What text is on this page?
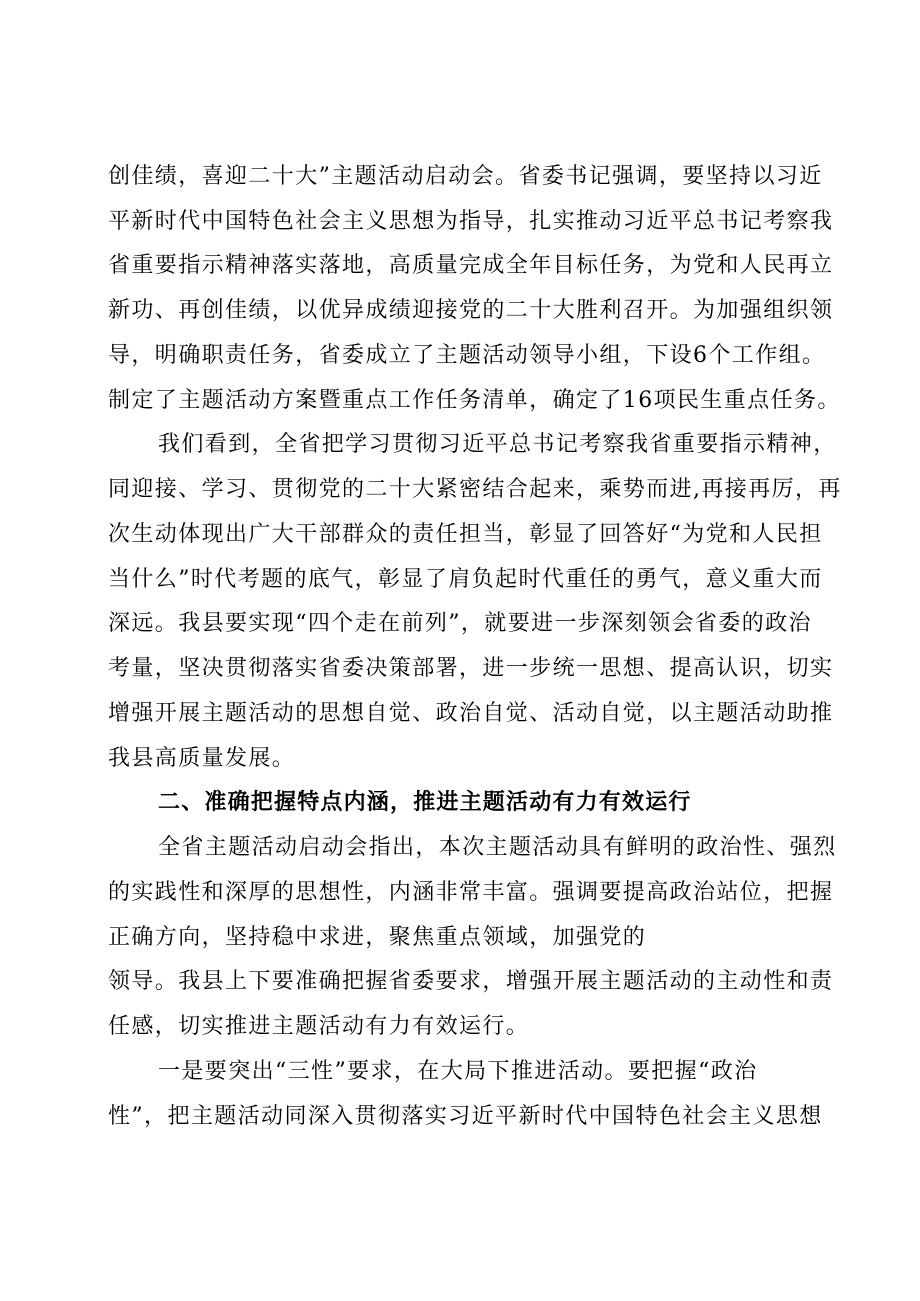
创佳绩，喜迎二十大”主题活动启动会。省委书记强调，要坚持以习近
平新时代中国特色社会主义思想为指导，扎实推动习近平总书记考察我
省重要指示精神落实落地，高质量完成全年目标任务，为党和人民再立
新功、再创佳绩，以优异成绩迎接党的二十大胜利召开。为加强组织领
导，明确职责任务，省委成立了主题活动领导小组，下设6个工作组。
制定了主题活动方案暨重点工作任务清单，确定了16项民生重点任务。
我们看到，全省把学习贯彻习近平总书记考察我省重要指示精神，
同迎接、学习、贯彻党的二十大紧密结合起来，乘势而进,再接再厉，再
次生动体现出广大干部群众的责任担当，彰显了回答好“为党和人民担
当什么”时代考题的底气，彰显了肩负起时代重任的勇气，意义重大而
深远。我县要实现“四个走在前列”，就要进一步深刻领会省委的政治
考量，坚决贯彻落实省委决策部署，进一步统一思想、提高认识，切实
增强开展主题活动的思想自觉、政治自觉、活动自觉，以主题活动助推
我县高质量发展。
二、准确把握特点内涵，推进主题活动有力有效运行
全省主题活动启动会指出，本次主题活动具有鲜明的政治性、强烈
的实践性和深厚的思想性，内涵非常丰富。强调要提高政治站位，把握
正确方向，坚持稳中求进，聚焦重点领域，加强党的
领导。我县上下要准确把握省委要求，增强开展主题活动的主动性和责
任感，切实推进主题活动有力有效运行。
一是要突出“三性”要求，在大局下推进活动。要把握“政治
性”，把主题活动同深入贯彻落实习近平新时代中国特色社会主义思想
